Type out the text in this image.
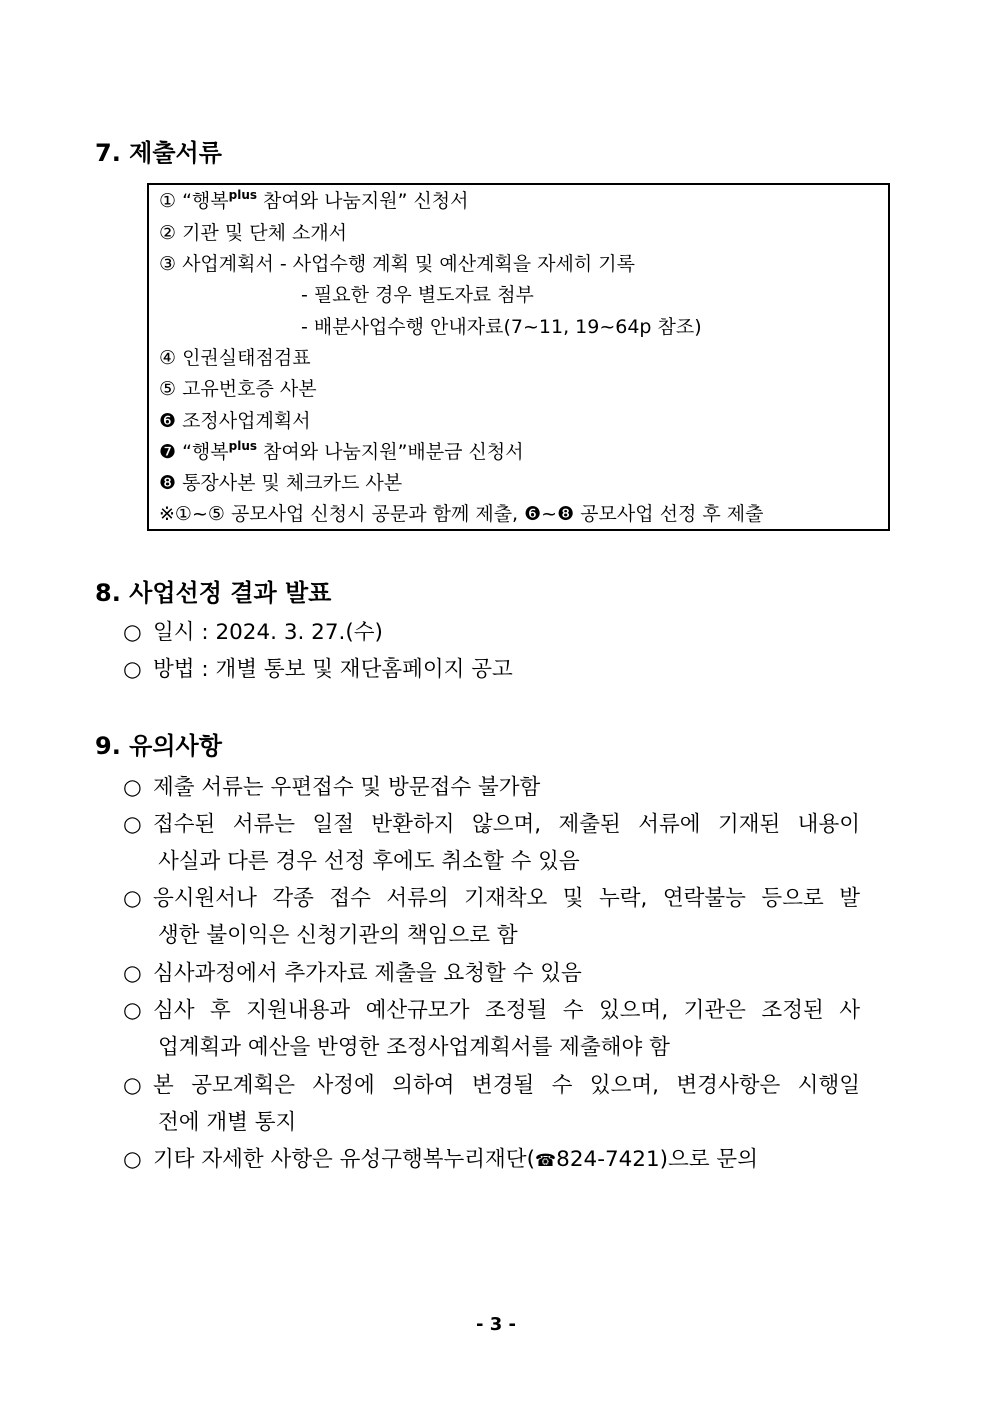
7. 제출서류
① “행복$^{plus}$ 참여와 나눔지원” 신청서
② 기관 및 단체 소개서
③ 사업계획서 - 사업수행 계획 및 예산계획을 자세히 기록
- 필요한 경우 별도자료 첨부
- 배분사업수행 안내자료(7~11, 19~64p 참조)
④ 인권실태점검표
⑤ 고유번호증 사본
❻ 조정사업계획서
❼ “행복$^{plus}$ 참여와 나눔지원”배분금 신청서
❽ 통장사본 및 체크카드 사본
※①~⑤ 공모사업 신청시 공문과 함께 제출, ❻~❽ 공모사업 선정 후 제출
8. 사업선정 결과 발표
○ 일시 : 2024. 3. 27.(수)
○ 방법 : 개별 통보 및 재단홈페이지 공고
9. 유의사항
○ 제출 서류는 우편접수 및 방문접수 불가함
○ 접수된 서류는 일절 반환하지 않으며, 제출된 서류에 기재된 내용이
사실과 다른 경우 선정 후에도 취소할 수 있음
○ 응시원서나 각종 접수 서류의 기재착오 및 누락, 연락불능 등으로 발
생한 불이익은 신청기관의 책임으로 함
○ 심사과정에서 추가자료 제출을 요청할 수 있음
○ 심사 후 지원내용과 예산규모가 조정될 수 있으며, 기관은 조정된 사
업계획과 예산을 반영한 조정사업계획서를 제출해야 함
○ 본 공모계획은 사정에 의하여 변경될 수 있으며, 변경사항은 시행일
전에 개별 통지
○ 기타 자세한 사항은 유성구행복누리재단(☎824-7421)으로 문의
- 3 -
